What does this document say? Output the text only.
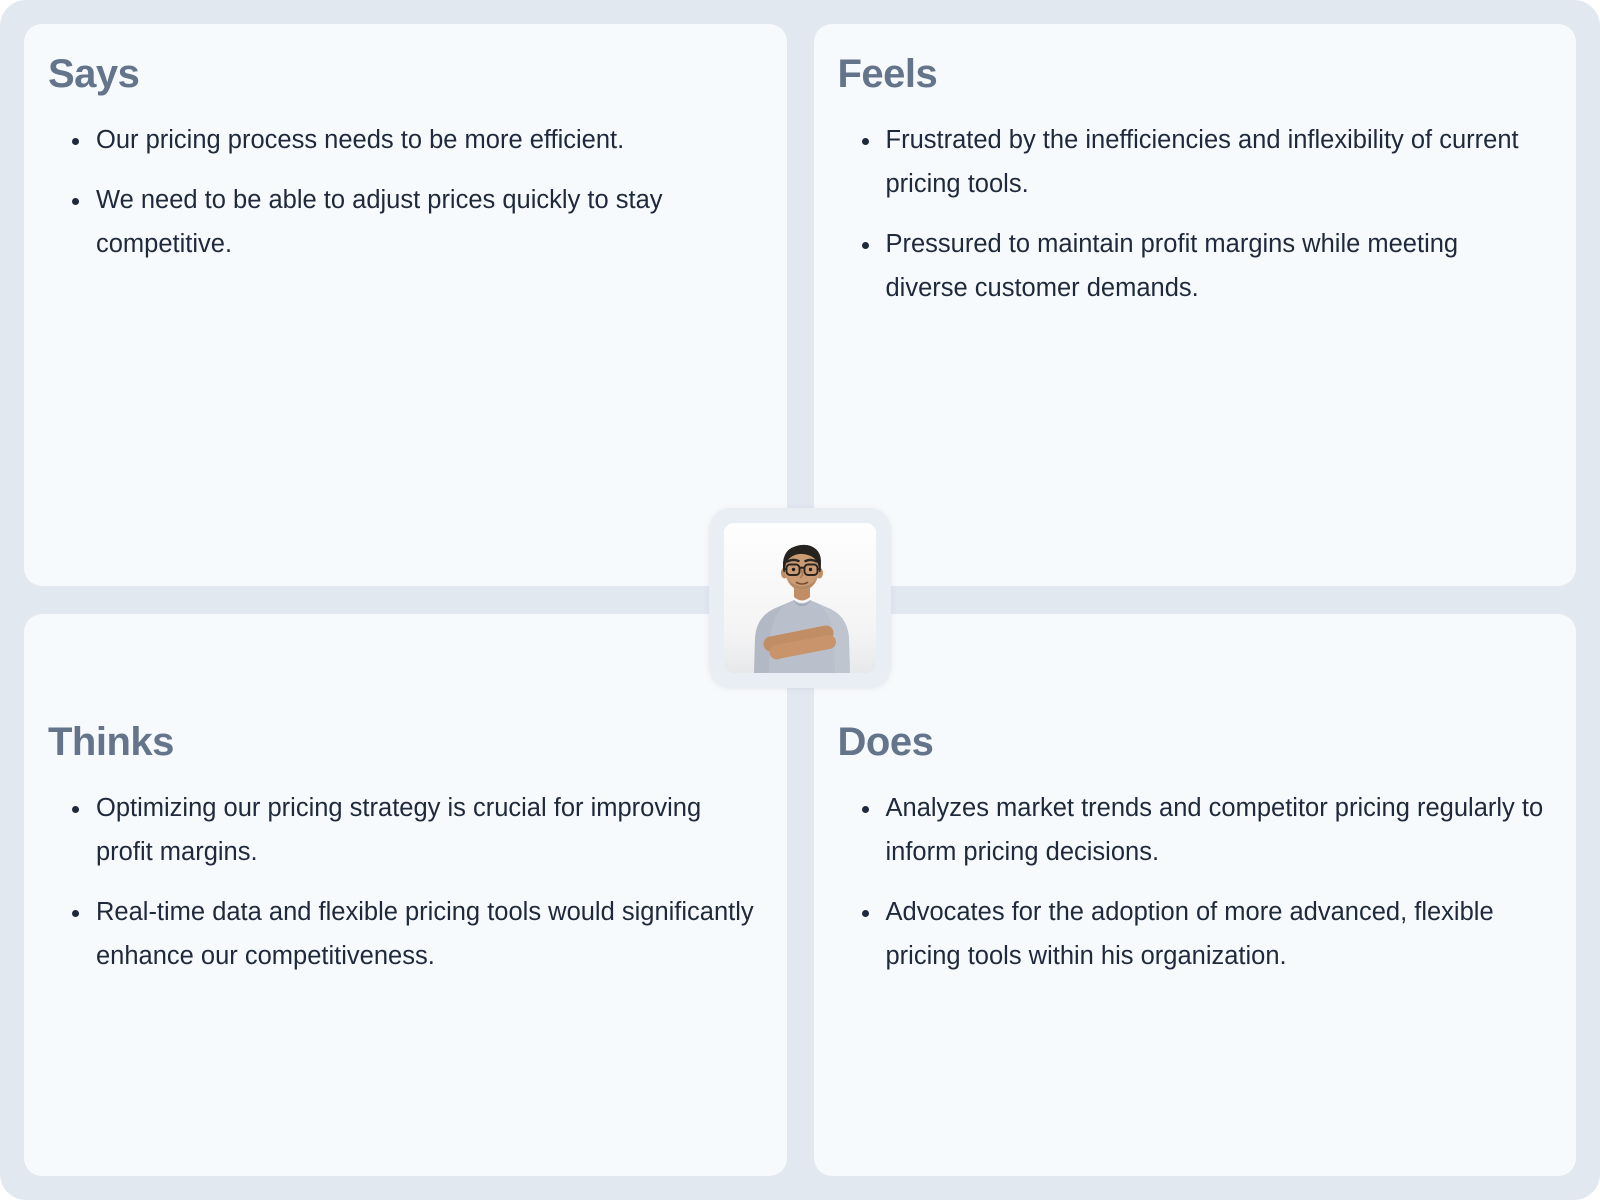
Says
• Our pricing process needs to be more efficient.
• We need to be able to adjust prices quickly to stay competitive.
Feels
• Frustrated by the inefficiencies and inflexibility of current pricing tools.
• Pressured to maintain profit margins while meeting diverse customer demands.
Thinks
• Optimizing our pricing strategy is crucial for improving profit margins.
• Real-time data and flexible pricing tools would significantly enhance our competitiveness.
Does
• Analyzes market trends and competitor pricing regularly to inform pricing decisions.
• Advocates for the adoption of more advanced, flexible pricing tools within his organization.
